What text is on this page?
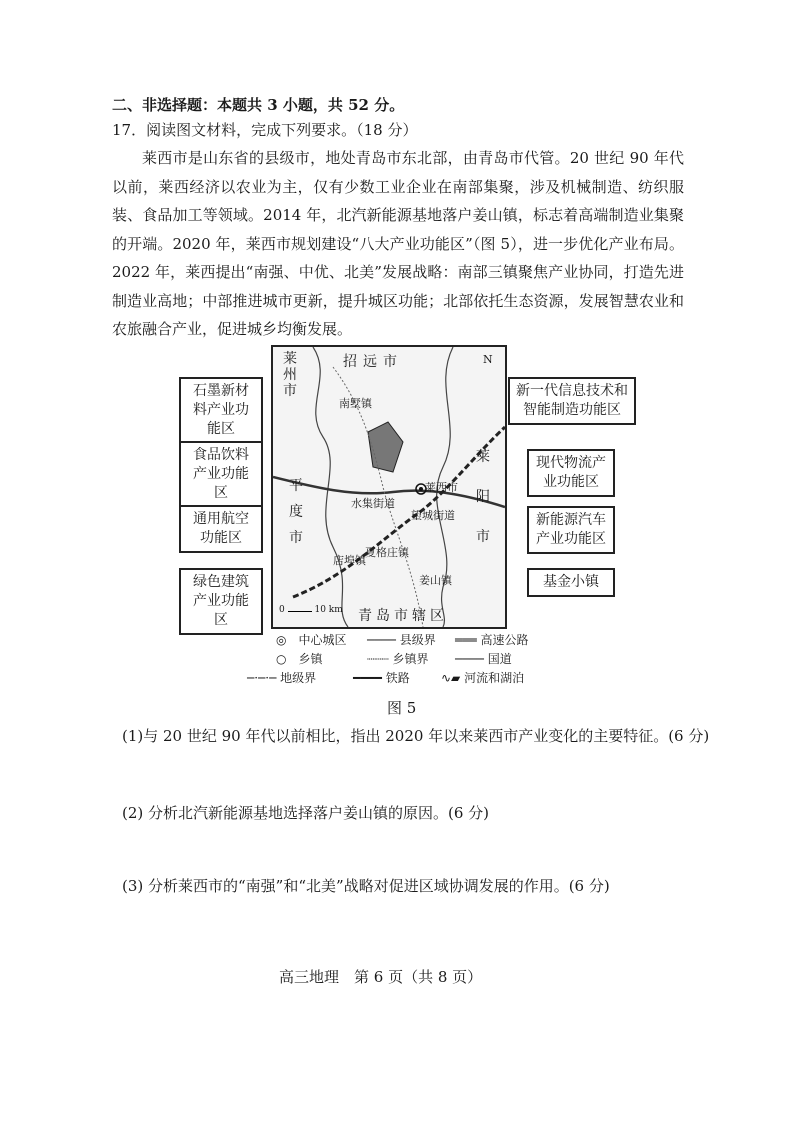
二、非选择题：本题共 3 小题，共 52 分。
17．阅读图文材料，完成下列要求。（18 分）
莱西市是山东省的县级市，地处青岛市东北部，由青岛市代管。20 世纪 90 年代以前，莱西经济以农业为主，仅有少数工业企业在南部集聚，涉及机械制造、纺织服装、食品加工等领域。2014 年，北汽新能源基地落户姜山镇，标志着高端制造业集聚的开端。2020 年，莱西市规划建设“八大产业功能区”（图 5），进一步优化产业布局。2022 年，莱西提出“南强、中优、北美”发展战略：南部三镇聚焦产业协同，打造先进制造业高地；中部推进城市更新，提升城区功能；北部依托生态资源，发展智慧农业和农旅融合产业，促进城乡均衡发展。
莱州市
招远市
平度市
莱阳市
青岛市辖区
N
南墅镇
莱西市
水集街道
望城街道
店埠镇
夏格庄镇
姜山镇
0	10 km
石墨新材料产业功能区
食品饮料产业功能区
通用航空功能区
绿色建筑产业功能区
新一代信息技术和智能制造功能区
现代物流产业功能区
新能源汽车产业功能区
基金小镇
◎　中心城区 ──── 县级界 ═══ 高速公路
○　乡镇	┈┈┈ 乡镇界 ──── 国道
─·─·─ 地级界	━━━━ 铁路	∿▰ 河流和湖泊
图 5
(1)与 20 世纪 90 年代以前相比，指出 2020 年以来莱西市产业变化的主要特征。(6 分)
(2) 分析北汽新能源基地选择落户姜山镇的原因。(6 分)
(3) 分析莱西市的“南强”和“北美”战略对促进区域协调发展的作用。(6 分)
高三地理　第 6 页（共 8 页）
